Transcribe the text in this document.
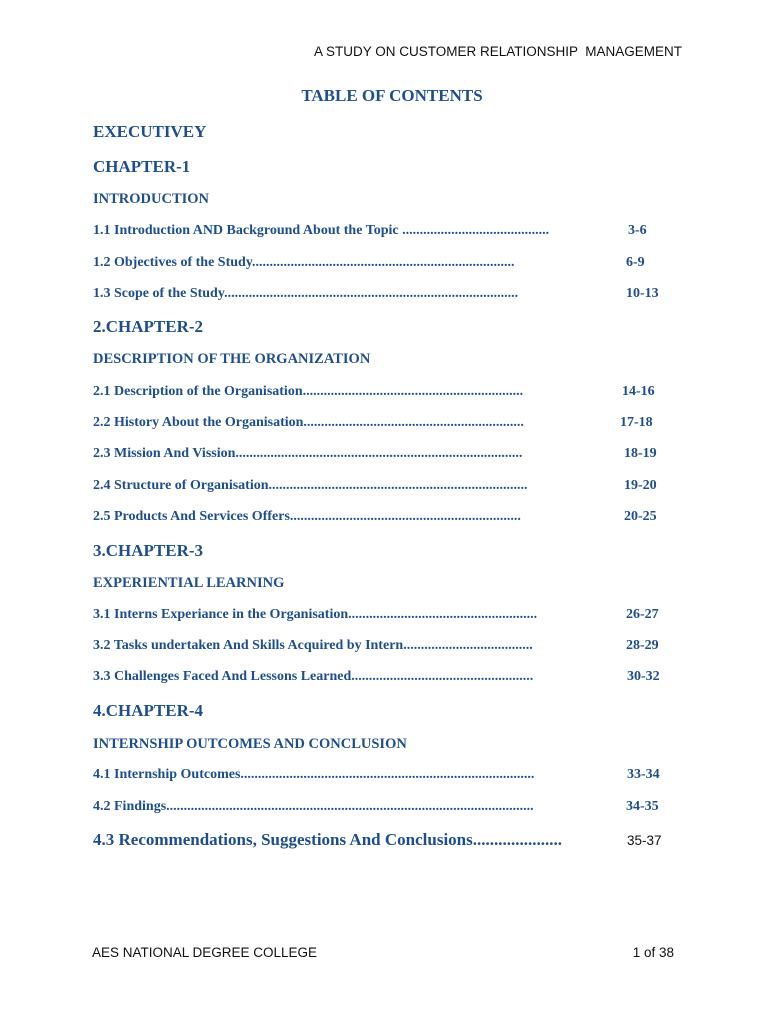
A STUDY ON CUSTOMER RELATIONSHIP  MANAGEMENT
TABLE OF CONTENTS
EXECUTIVEY
CHAPTER-1
INTRODUCTION
1.1 Introduction AND Background About the Topic ..........................................	3-6
1.2 Objectives of the Study...........................................................................	6-9
1.3 Scope of the Study....................................................................................	10-13
2.CHAPTER-2
DESCRIPTION OF THE ORGANIZATION
2.1 Description of the Organisation...............................................................	14-16
2.2 History About the Organisation...............................................................	17-18
2.3 Mission And Vission..................................................................................	18-19
2.4 Structure of Organisation..........................................................................	19-20
2.5 Products And Services Offers..................................................................	20-25
3.CHAPTER-3
EXPERIENTIAL LEARNING
3.1 Interns Experiance in the Organisation......................................................	26-27
3.2 Tasks undertaken And Skills Acquired by Intern.....................................	28-29
3.3 Challenges Faced And Lessons Learned....................................................	30-32
4.CHAPTER-4
INTERNSHIP OUTCOMES AND CONCLUSION
4.1 Internship Outcomes....................................................................................	33-34
4.2 Findings.........................................................................................................	34-35
4.3 Recommendations, Suggestions And Conclusions.....................	35-37
AES NATIONAL DEGREE COLLEGE	1 of 38
